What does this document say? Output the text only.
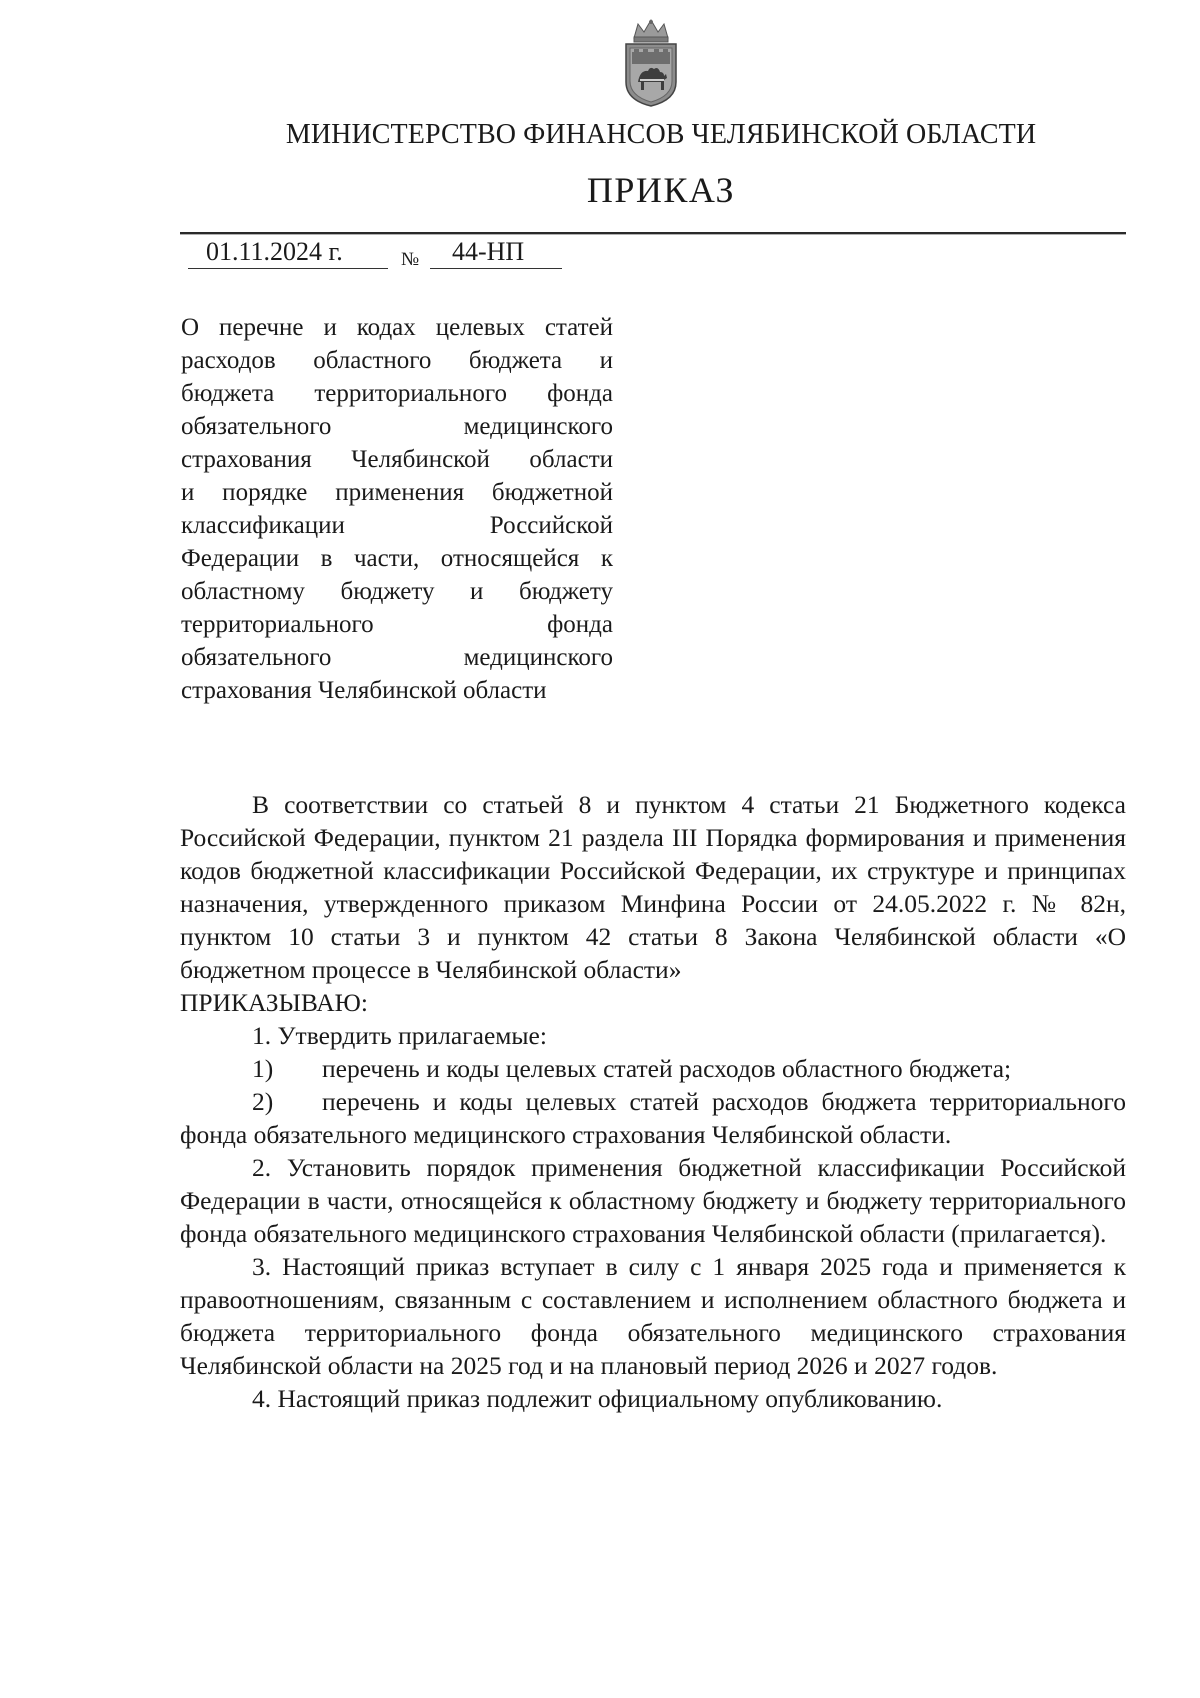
МИНИСТЕРСТВО ФИНАНСОВ ЧЕЛЯБИНСКОЙ ОБЛАСТИ
ПРИКАЗ
01.11.2024 г.	№	44-НП
О перечне и кодах целевых статей
расходов областного бюджета и
бюджета территориального фонда
обязательного медицинского
страхования Челябинской области
и порядке применения бюджетной
классификации Российской
Федерации в части, относящейся к
областному бюджету и бюджету
территориального фонда
обязательного медицинского
страхования Челябинской области

В соответствии со статьей 8 и пунктом 4 статьи 21 Бюджетного кодекса Российской Федерации, пунктом 21 раздела III Порядка формирования и применения кодов бюджетной классификации Российской Федерации, их структуре и принципах назначения, утвержденного приказом Минфина России от 24.05.2022 г. № 82н, пунктом 10 статьи 3 и пунктом 42 статьи 8 Закона Челябинской области «О бюджетном процессе в Челябинской области»

ПРИКАЗЫВАЮ:

1. Утвердить прилагаемые:

1)	перечень и коды целевых статей расходов областного бюджета;

2) перечень и коды целевых статей расходов бюджета территориального фонда обязательного медицинского страхования Челябинской области.

2. Установить порядок применения бюджетной классификации Российской Федерации в части, относящейся к областному бюджету и бюджету территориального фонда обязательного медицинского страхования Челябинской области (прилагается).

3. Настоящий приказ вступает в силу с 1 января 2025 года и применяется к правоотношениям, связанным с составлением и исполнением областного бюджета и бюджета территориального фонда обязательного медицинского страхования Челябинской области на 2025 год и на плановый период 2026 и 2027 годов.

4. Настоящий приказ подлежит официальному опубликованию.
